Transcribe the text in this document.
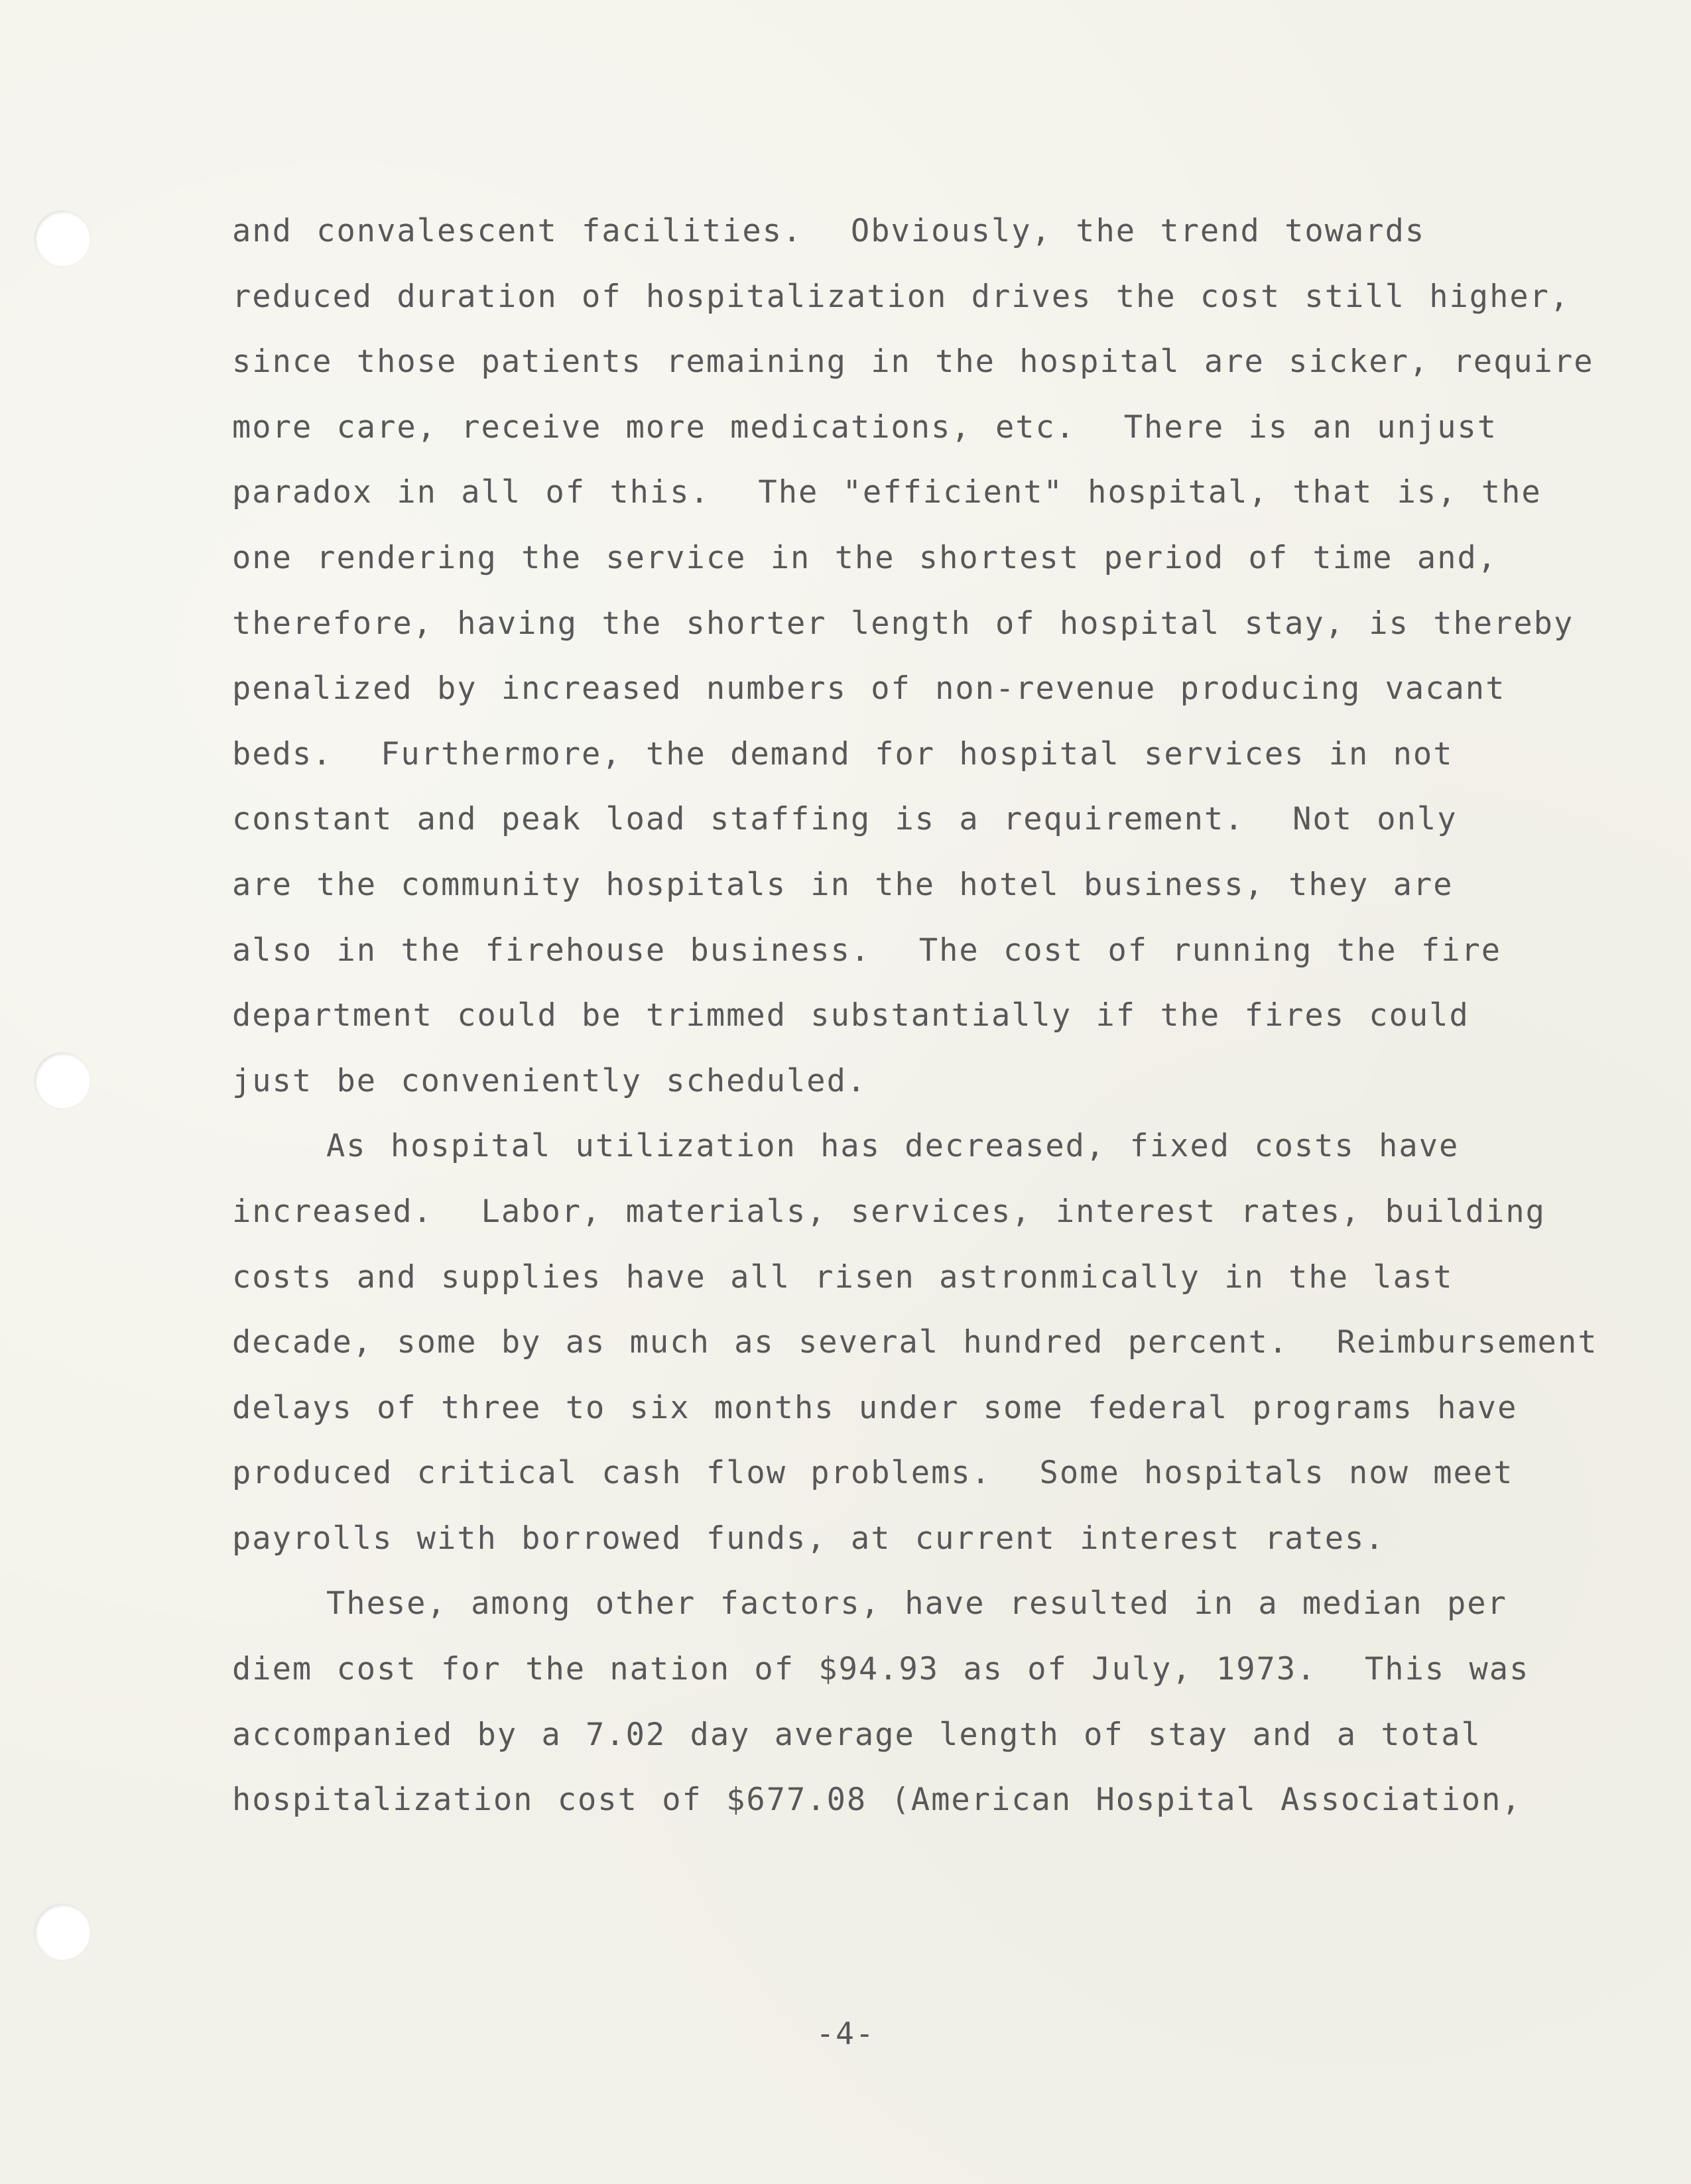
and convalescent facilities.  Obviously, the trend towards
reduced duration of hospitalization drives the cost still higher,
since those patients remaining in the hospital are sicker, require
more care, receive more medications, etc.  There is an unjust
paradox in all of this.  The "efficient" hospital, that is, the
one rendering the service in the shortest period of time and,
therefore, having the shorter length of hospital stay, is thereby
penalized by increased numbers of non-revenue producing vacant
beds.  Furthermore, the demand for hospital services in not
constant and peak load staffing is a requirement.  Not only
are the community hospitals in the hotel business, they are
also in the firehouse business.  The cost of running the fire
department could be trimmed substantially if the fires could
just be conveniently scheduled.
As hospital utilization has decreased, fixed costs have
increased.  Labor, materials, services, interest rates, building
costs and supplies have all risen astronmically in the last
decade, some by as much as several hundred percent.  Reimbursement
delays of three to six months under some federal programs have
produced critical cash flow problems.  Some hospitals now meet
payrolls with borrowed funds, at current interest rates.
These, among other factors, have resulted in a median per
diem cost for the nation of $94.93 as of July, 1973.  This was
accompanied by a 7.02 day average length of stay and a total
hospitalization cost of $677.08 (American Hospital Association,
-4-
